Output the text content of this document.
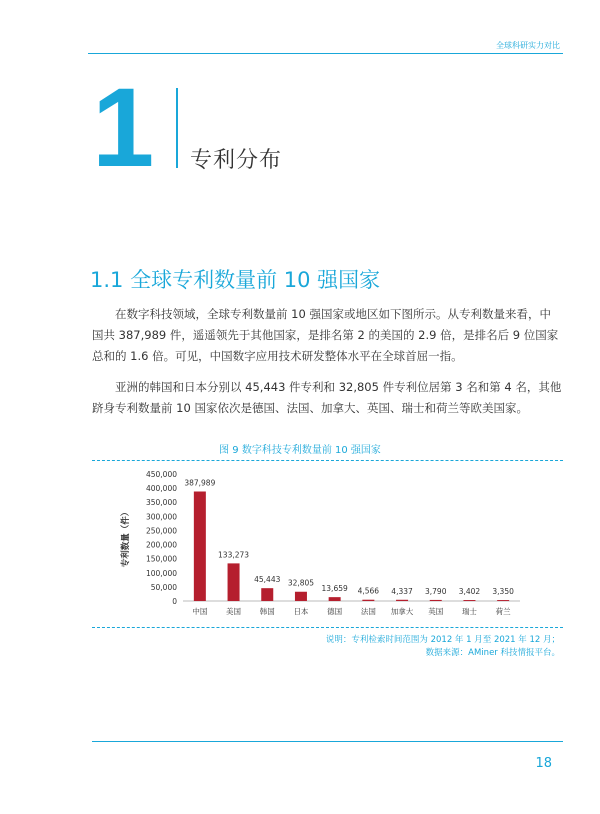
全球科研实力对比
1 专利分布
1.1 全球专利数量前 10 强国家

在数字科技领域，全球专利数量前 10 强国家或地区如下图所示。从专利数量来看，中国共 387,989 件，遥遥领先于其他国家，是排名第 2 的美国的 2.9 倍，是排名后 9 位国家总和的 1.6 倍。可见，中国数字应用技术研发整体水平在全球首屈一指。

亚洲的韩国和日本分别以 45,443 件专利和 32,805 件专利位居第 3 名和第 4 名，其他跻身专利数量前 10 国家依次是德国、法国、加拿大、英国、瑞士和荷兰等欧美国家。

图 9 数字科技专利数量前 10 强国家
专利数量（件）
0
50,000
100,000
150,000
200,000
250,000
300,000
350,000
400,000
450,000
387,989
133,273
45,443 32,805
13,659 4,566 4,337 3,790 3,402 3,350
中国 美国 韩国 日本 德国 法国 加拿大 英国 瑞士 荷兰
说明：专利检索时间范围为 2012 年 1 月至 2021 年 12 月；
数据来源：AMiner 科技情报平台。
18
